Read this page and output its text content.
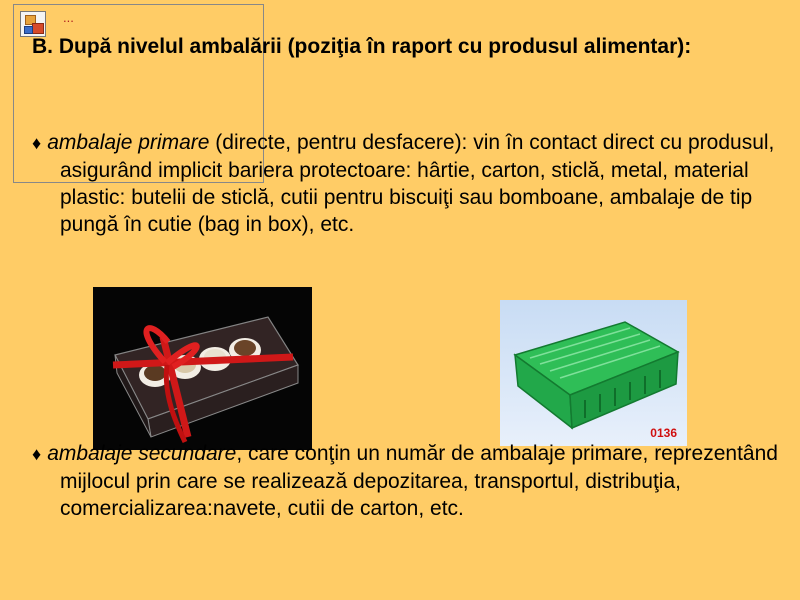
...
B. După nivelul ambalării (poziţia în raport cu produsul alimentar):
♦ ambalaje primare (directe, pentru desfacere): vin în contact direct cu produsul, asigurând implicit bariera protectoare: hârtie, carton, sticlă, metal, material plastic: butelii de sticlă, cutii pentru biscuiţi sau bomboane, ambalaje de tip pungă în cutie (bag in box), etc.
0136
♦ ambalaje secundare, care conţin un număr de ambalaje primare, reprezentând mijlocul prin care se realizează depozitarea, transportul, distribuţia, comercializarea:navete, cutii de carton, etc.
